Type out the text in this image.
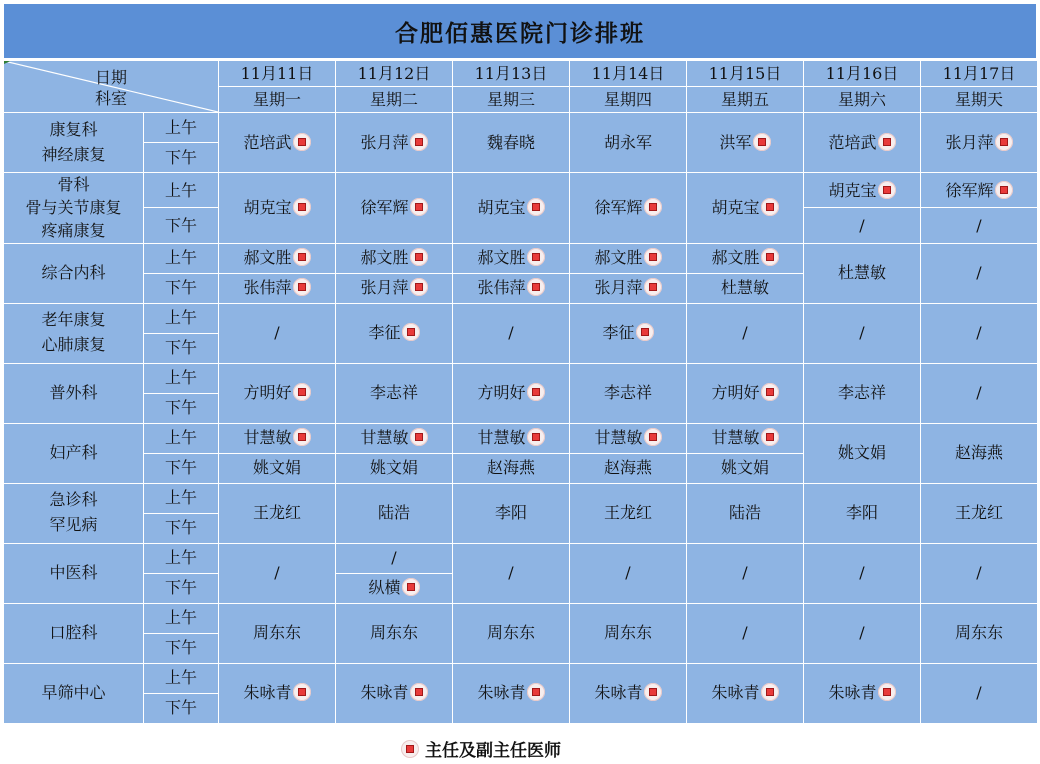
合肥佰惠医院门诊排班
日期
科室		11月11日	11月12日	11月13日	11月14日	11月15日	11月16日	11月17日
		星期一	星期二	星期三	星期四	星期五	星期六	星期天

康复科
神经康复	上午	范培武	张月萍	魏春晓	胡永军	洪军	范培武	张月萍
	下午							

骨科
骨与关节康复
疼痛康复	上午	胡克宝	徐军辉	胡克宝	徐军辉	胡克宝	胡克宝	徐军辉
	下午						/	/

综合内科	上午	郝文胜	郝文胜	郝文胜	郝文胜	郝文胜	杜慧敏	/
	下午	张伟萍	张月萍	张伟萍	张月萍	杜慧敏		

老年康复
心肺康复	上午	/	李征	/	李征	/	/	/
	下午							

普外科	上午	方明好	李志祥	方明好	李志祥	方明好	李志祥	/
	下午							

妇产科	上午	甘慧敏	甘慧敏	甘慧敏	甘慧敏	甘慧敏	姚文娟	赵海燕
	下午	姚文娟	姚文娟	赵海燕	赵海燕	姚文娟		

急诊科
罕见病	上午	王龙红	陆浩	李阳	王龙红	陆浩	李阳	王龙红
	下午							

中医科	上午	/	/	/	/	/	/	/
	下午		纵横					

口腔科	上午	周东东	周东东	周东东	周东东	/	/	周东东
	下午							

早筛中心	上午	朱咏青	朱咏青	朱咏青	朱咏青	朱咏青	朱咏青	/
	下午							
主任及副主任医师
